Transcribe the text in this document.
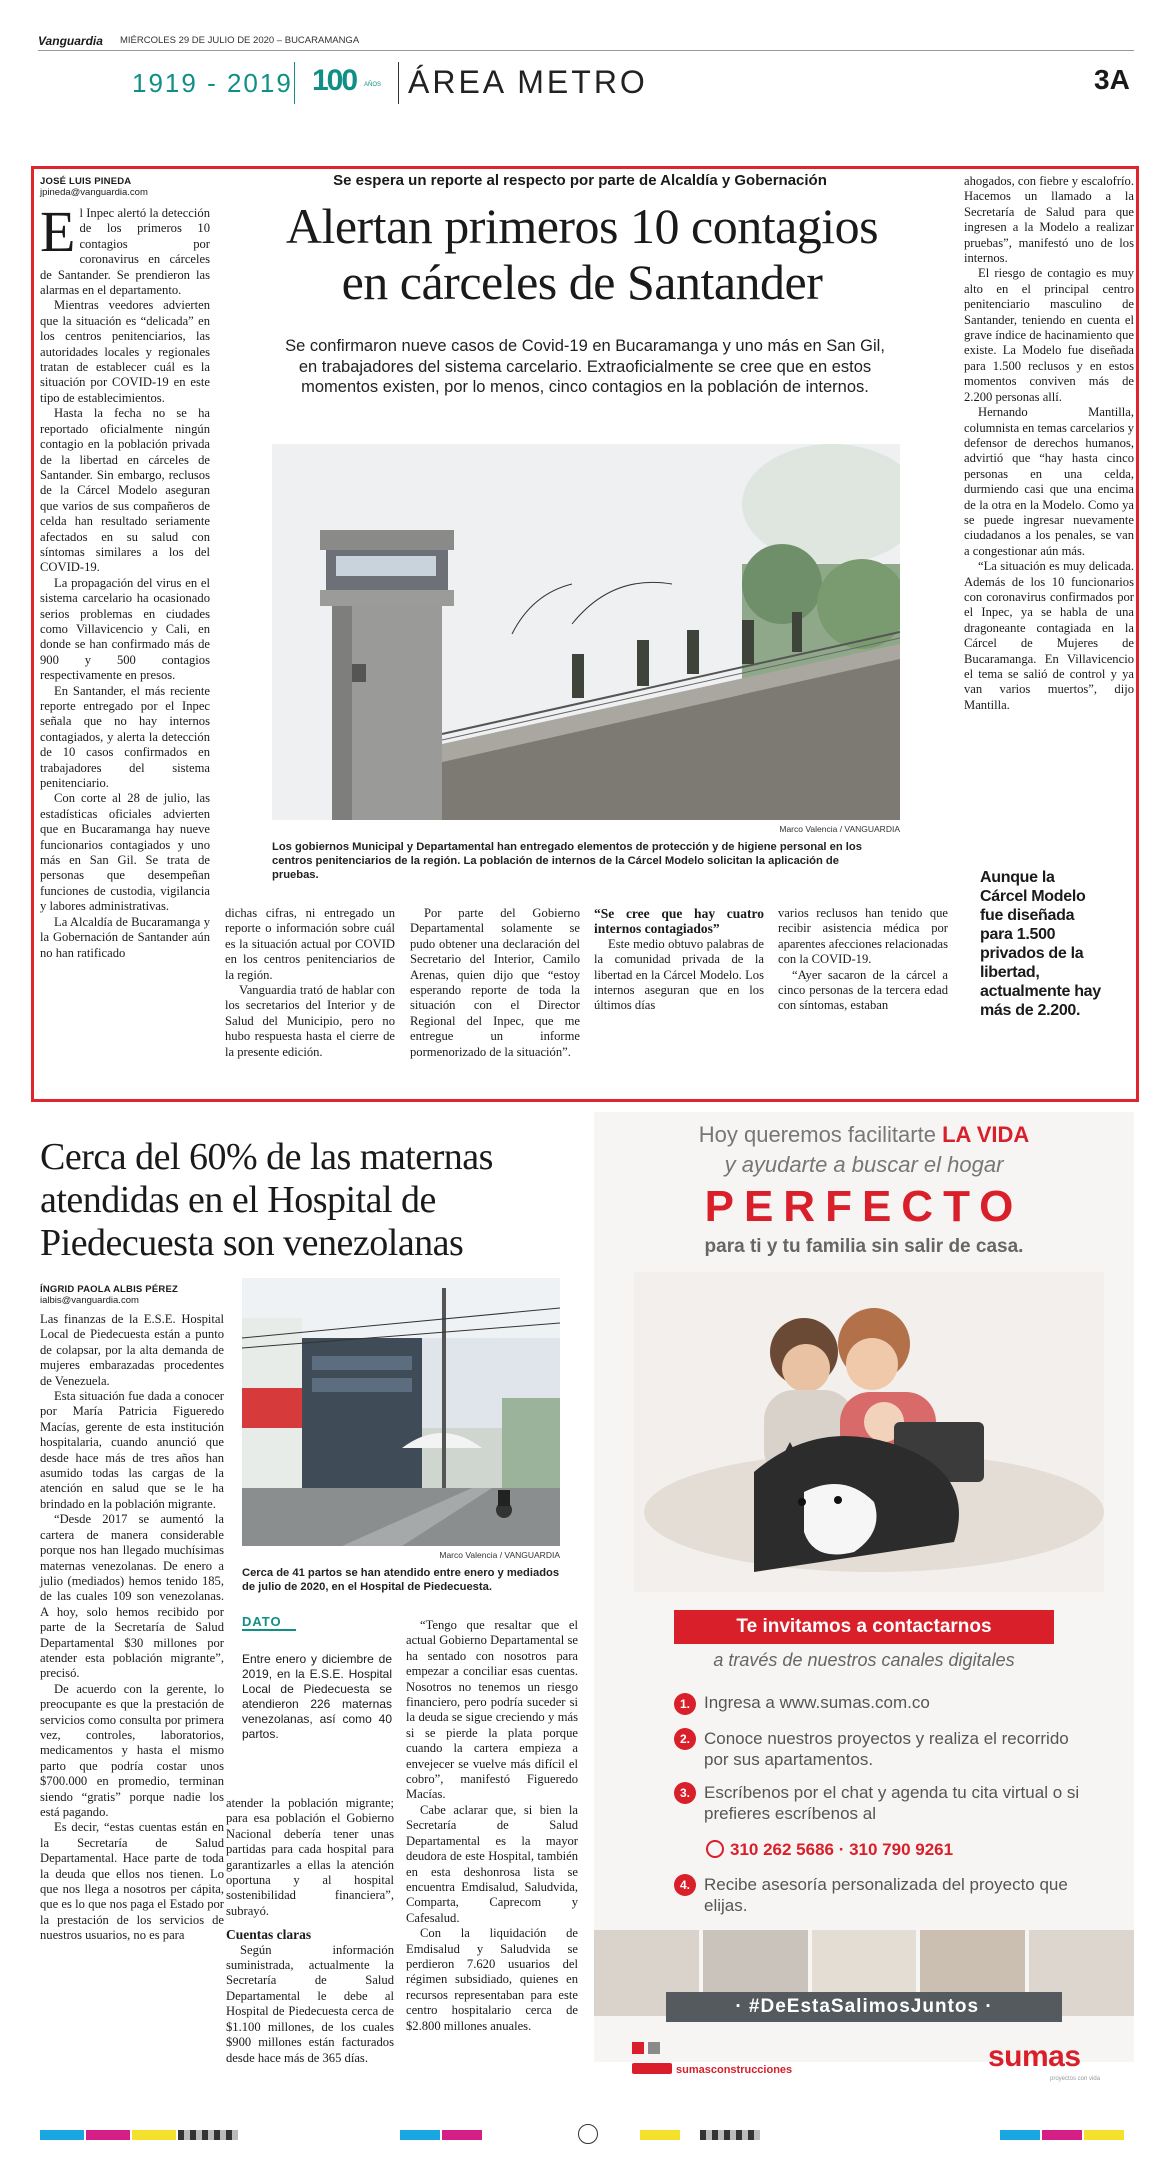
Vanguardia MIÉRCOLES 29 DE JULIO DE 2020 – BUCARAMANGA
1919 - 2019 100 AÑOS ÁREA METRO	3A
JOSÉ LUIS PINEDA
jpineda@vanguardia.com

El Inpec alertó la detección de los primeros 10 contagios por coronavirus en cárceles de Santander. Se prendieron las alarmas en el departamento.

Mientras veedores advierten que la situación es “delicada” en los centros penitenciarios, las autoridades locales y regionales tratan de establecer cuál es la situación por COVID-19 en este tipo de establecimientos.

Hasta la fecha no se ha reportado oficialmente ningún contagio en la población privada de la libertad en cárceles de Santander. Sin embargo, reclusos de la Cárcel Modelo aseguran que varios de sus compañeros de celda han resultado seriamente afectados en su salud con síntomas similares a los del COVID-19.

La propagación del virus en el sistema carcelario ha ocasionado serios problemas en ciudades como Villavicencio y Cali, en donde se han confirmado más de 900 y 500 contagios respectivamente en presos.

En Santander, el más reciente reporte entregado por el Inpec señala que no hay internos contagiados, y alerta la detección de 10 casos confirmados en trabajadores del sistema penitenciario.

Con corte al 28 de julio, las estadísticas oficiales advierten que en Bucaramanga hay nueve funcionarios contagiados y uno más en San Gil. Se trata de personas que desempeñan funciones de custodia, vigilancia y labores administrativas.

La Alcaldía de Bucaramanga y la Gobernación de Santander aún no han ratificado

Se espera un reporte al respecto por parte de Alcaldía y Gobernación
Alertan primeros 10 contagios
en cárceles de Santander
Se confirmaron nueve casos de Covid-19 en Bucaramanga y uno más en San Gil, en trabajadores del sistema carcelario. Extraoficialmente se cree que en estos momentos existen, por lo menos, cinco contagios en la población de internos.
Marco Valencia / VANGUARDIA
Los gobiernos Municipal y Departamental han entregado elementos de protección y de higiene personal en los centros penitenciarios de la región. La población de internos de la Cárcel Modelo solicitan la aplicación de pruebas.

dichas cifras, ni entregado un reporte o información sobre cuál es la situación actual por COVID en los centros penitenciarios de la región.

Vanguardia trató de hablar con los secretarios del Interior y de Salud del Municipio, pero no hubo respuesta hasta el cierre de la presente edición.

Por parte del Gobierno Departamental solamente se pudo obtener una declaración del Secretario del Interior, Camilo Arenas, quien dijo que “estoy esperando reporte de toda la situación con el Director Regional del Inpec, que me entregue un informe pormenorizado de la situación”.

“Se cree que hay cuatro internos contagiados”

Este medio obtuvo palabras de la comunidad privada de la libertad en la Cárcel Modelo. Los internos aseguran que en los últimos días

varios reclusos han tenido que recibir asistencia médica por aparentes afecciones relacionadas con la COVID-19.

“Ayer sacaron de la cárcel a cinco personas de la tercera edad con síntomas, estaban

ahogados, con fiebre y escalofrío. Hacemos un llamado a la Secretaría de Salud para que ingresen a la Modelo a realizar pruebas”, manifestó uno de los internos.

El riesgo de contagio es muy alto en el principal centro penitenciario masculino de Santander, teniendo en cuenta el grave índice de hacinamiento que existe. La Modelo fue diseñada para 1.500 reclusos y en estos momentos conviven más de 2.200 personas allí.

Hernando Mantilla, columnista en temas carcelarios y defensor de derechos humanos, advirtió que “hay hasta cinco personas en una celda, durmiendo casi que una encima de la otra en la Modelo. Como ya se puede ingresar nuevamente ciudadanos a los penales, se van a congestionar aún más.

“La situación es muy delicada. Además de los 10 funcionarios con coronavirus confirmados por el Inpec, ya se habla de una dragoneante contagiada en la Cárcel de Mujeres de Bucaramanga. En Villavicencio el tema se salió de control y ya van varios muertos”, dijo Mantilla.

Aunque la Cárcel Modelo fue diseñada para 1.500 privados de la libertad, actualmente hay más de 2.200.
Cerca del 60% de las maternas
atendidas en el Hospital de
Piedecuesta son venezolanas
ÍNGRID PAOLA ALBIS PÉREZ
ialbis@vanguardia.com

Las finanzas de la E.S.E. Hospital Local de Piedecuesta están a punto de colapsar, por la alta demanda de mujeres embarazadas procedentes de Venezuela.

Esta situación fue dada a conocer por María Patricia Figueredo Macías, gerente de esta institución hospitalaria, cuando anunció que desde hace más de tres años han asumido todas las cargas de la atención en salud que se le ha brindado en la población migrante.

“Desde 2017 se aumentó la cartera de manera considerable porque nos han llegado muchísimas maternas venezolanas. De enero a julio (mediados) hemos tenido 185, de las cuales 109 son venezolanas. A hoy, solo hemos recibido por parte de la Secretaría de Salud Departamental $30 millones por atender esta población migrante”, precisó.

De acuerdo con la gerente, lo preocupante es que la prestación de servicios como consulta por primera vez, controles, laboratorios, medicamentos y hasta el mismo parto que podría costar unos $700.000 en promedio, terminan siendo “gratis” porque nadie los está pagando.

Es decir, “estas cuentas están en la Secretaría de Salud Departamental. Hace parte de toda la deuda que ellos nos tienen. Lo que nos llega a nosotros per cápita, que es lo que nos paga el Estado por la prestación de los servicios de nuestros usuarios, no es para

Marco Valencia / VANGUARDIA
Cerca de 41 partos se han atendido entre enero y mediados de julio de 2020, en el Hospital de Piedecuesta.
DATO
Entre enero y diciembre de 2019, en la E.S.E. Hospital Local de Piedecuesta se atendieron 226 maternas venezolanas, así como 40 partos.

atender la población migrante; para esa población el Gobierno Nacional debería tener unas partidas para cada hospital para garantizarles a ellas la atención oportuna y al hospital sostenibilidad financiera”, subrayó.

Cuentas claras

Según información suministrada, actualmente la Secretaría de Salud Departamental le debe al Hospital de Piedecuesta cerca de $1.100 millones, de los cuales $900 millones están facturados desde hace más de 365 días.

“Tengo que resaltar que el actual Gobierno Departamental se ha sentado con nosotros para empezar a conciliar esas cuentas. Nosotros no tenemos un riesgo financiero, pero podría suceder si la deuda se sigue creciendo y más si se pierde la plata porque cuando la cartera empieza a envejecer se vuelve más difícil el cobro”, manifestó Figueredo Macías.

Cabe aclarar que, si bien la Secretaría de Salud Departamental es la mayor deudora de este Hospital, también en esta deshonrosa lista se encuentra Emdisalud, Saludvida, Comparta, Caprecom y Cafesalud.

Con la liquidación de Emdisalud y Saludvida se perdieron 7.620 usuarios del régimen subsidiado, quienes en recursos representaban para este centro hospitalario cerca de $2.800 millones anuales.

Hoy queremos facilitarte LA VIDA
y ayudarte a buscar el hogar
PERFECTO
para ti y tu familia sin salir de casa.
Te invitamos a contactarnos
a través de nuestros canales digitales
1. Ingresa a www.sumas.com.co
2. Conoce nuestros proyectos y realiza el recorrido por sus apartamentos.
3. Escríbenos por el chat y agenda tu cita virtual o si prefieres escríbenos al
310 262 5686 · 310 790 9261
4. Recibe asesoría personalizada del proyecto que elijas.
· #DeEstaSalimosJuntos ·
sumasconstrucciones	sumas
proyectos con vida
